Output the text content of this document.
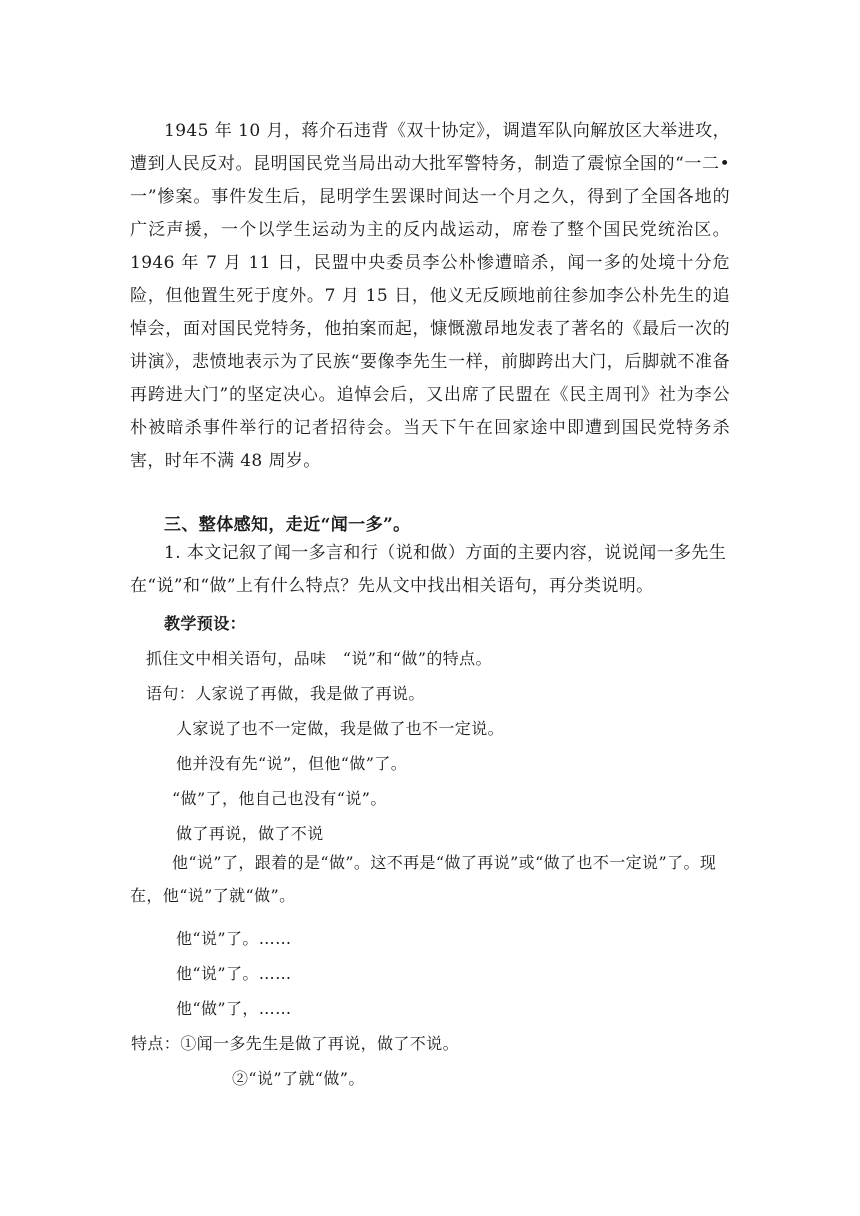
1945 年 10 月，蒋介石违背《双十协定》，调遣军队向解放区大举进攻，遭到人民反对。昆明国民党当局出动大批军警特务，制造了震惊全国的“一二•一”惨案。事件发生后，昆明学生罢课时间达一个月之久，得到了全国各地的广泛声援，一个以学生运动为主的反内战运动，席卷了整个国民党统治区。1946 年 7 月 11 日，民盟中央委员李公朴惨遭暗杀，闻一多的处境十分危险，但他置生死于度外。7 月 15 日，他义无反顾地前往参加李公朴先生的追悼会，面对国民党特务，他拍案而起，慷慨激昂地发表了著名的《最后一次的讲演》，悲愤地表示为了民族“要像李先生一样，前脚跨出大门，后脚就不准备再跨进大门”的坚定决心。追悼会后，又出席了民盟在《民主周刊》社为李公朴被暗杀事件举行的记者招待会。当天下午在回家途中即遭到国民党特务杀害，时年不满 48 周岁。

三、整体感知，走近“闻一多”。

1. 本文记叙了闻一多言和行（说和做）方面的主要内容，说说闻一多先生在“说”和“做”上有什么特点？先从文中找出相关语句，再分类说明。

教学预设：

抓住文中相关语句，品味　“说”和“做”的特点。

语句：人家说了再做，我是做了再说。

人家说了也不一定做，我是做了也不一定说。

他并没有先“说”，但他“做”了。

“做”了，他自己也没有“说”。

做了再说，做了不说

他“说”了，跟着的是“做”。这不再是“做了再说”或“做了也不一定说”了。现在，他“说”了就“做”。

他“说”了。……

他“说”了。……

他“做”了，……

特点：①闻一多先生是做了再说，做了不说。

②“说”了就“做”。
